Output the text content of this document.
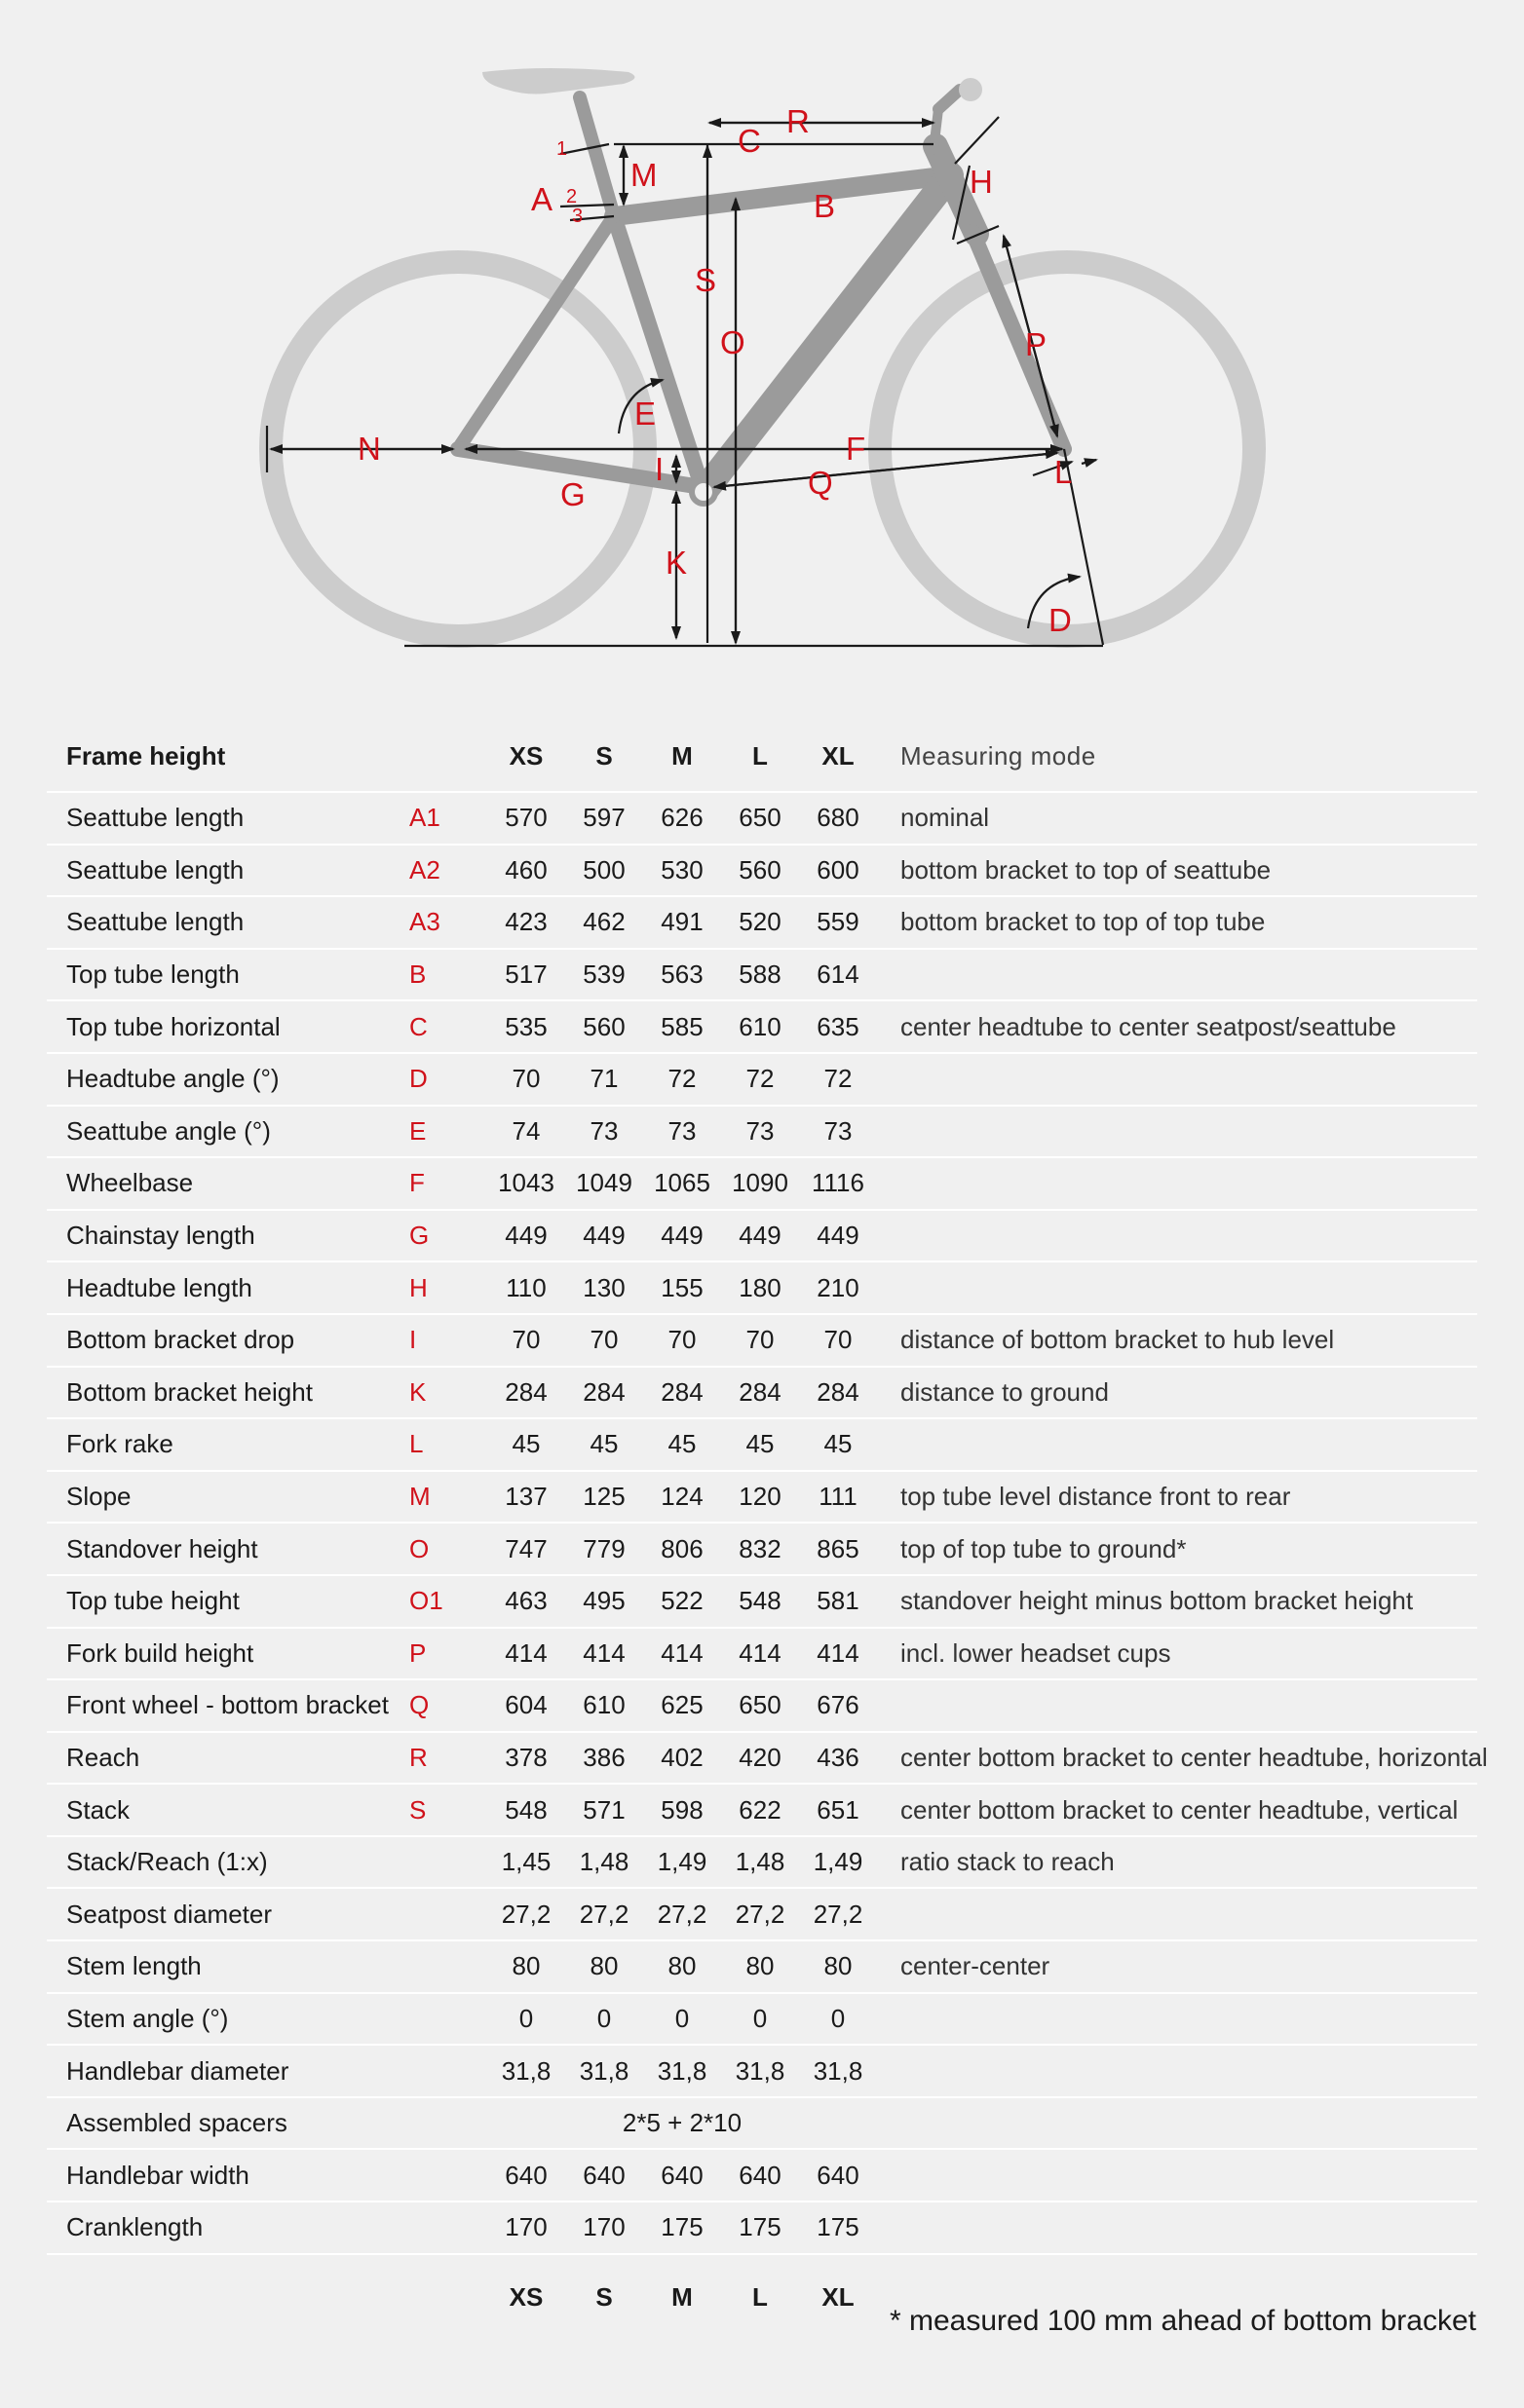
A
1
2
3
M
C
R
B
H
S
O	P
E
N	F
I	L
G	Q
K
D
Frame height		XS	S	M	L	XL	Measuring mode
Seattube length	A1	570	597	626	650	680	nominal
Seattube length	A2	460	500	530	560	600	bottom bracket to top of seattube
Seattube length	A3	423	462	491	520	559	bottom bracket to top of top tube
Top tube length	B	517	539	563	588	614	
Top tube horizontal	C	535	560	585	610	635	center headtube to center seatpost/seattube
Headtube angle (°)	D	70	71	72	72	72	
Seattube angle (°)	E	74	73	73	73	73	
Wheelbase	F	1043	1049	1065	1090	1116	
Chainstay length	G	449	449	449	449	449	
Headtube length	H	110	130	155	180	210	
Bottom bracket drop	I	70	70	70	70	70	distance of bottom bracket to hub level
Bottom bracket height	K	284	284	284	284	284	distance to ground
Fork rake	L	45	45	45	45	45	
Slope	M	137	125	124	120	111	top tube level distance front to rear
Standover height	O	747	779	806	832	865	top of top tube to ground*
Top tube height	O1	463	495	522	548	581	standover height minus bottom bracket height
Fork build height	P	414	414	414	414	414	incl. lower headset cups
Front wheel - bottom bracket	Q	604	610	625	650	676	
Reach	R	378	386	402	420	436	center bottom bracket to center headtube, horizontal
Stack	S	548	571	598	622	651	center bottom bracket to center headtube, vertical
Stack/Reach (1:x)		1,45	1,48	1,49	1,48	1,49	ratio stack to reach
Seatpost diameter		27,2	27,2	27,2	27,2	27,2	
Stem length		80	80	80	80	80	center-center
Stem angle (°)		0	0	0	0	0	
Handlebar diameter		31,8	31,8	31,8	31,8	31,8	
Assembled spacers		2*5 + 2*10					
Handlebar width		640	640	640	640	640	
Cranklength		170	170	175	175	175	
		XS	S	M	L	XL	
* measured 100 mm ahead of bottom bracket
